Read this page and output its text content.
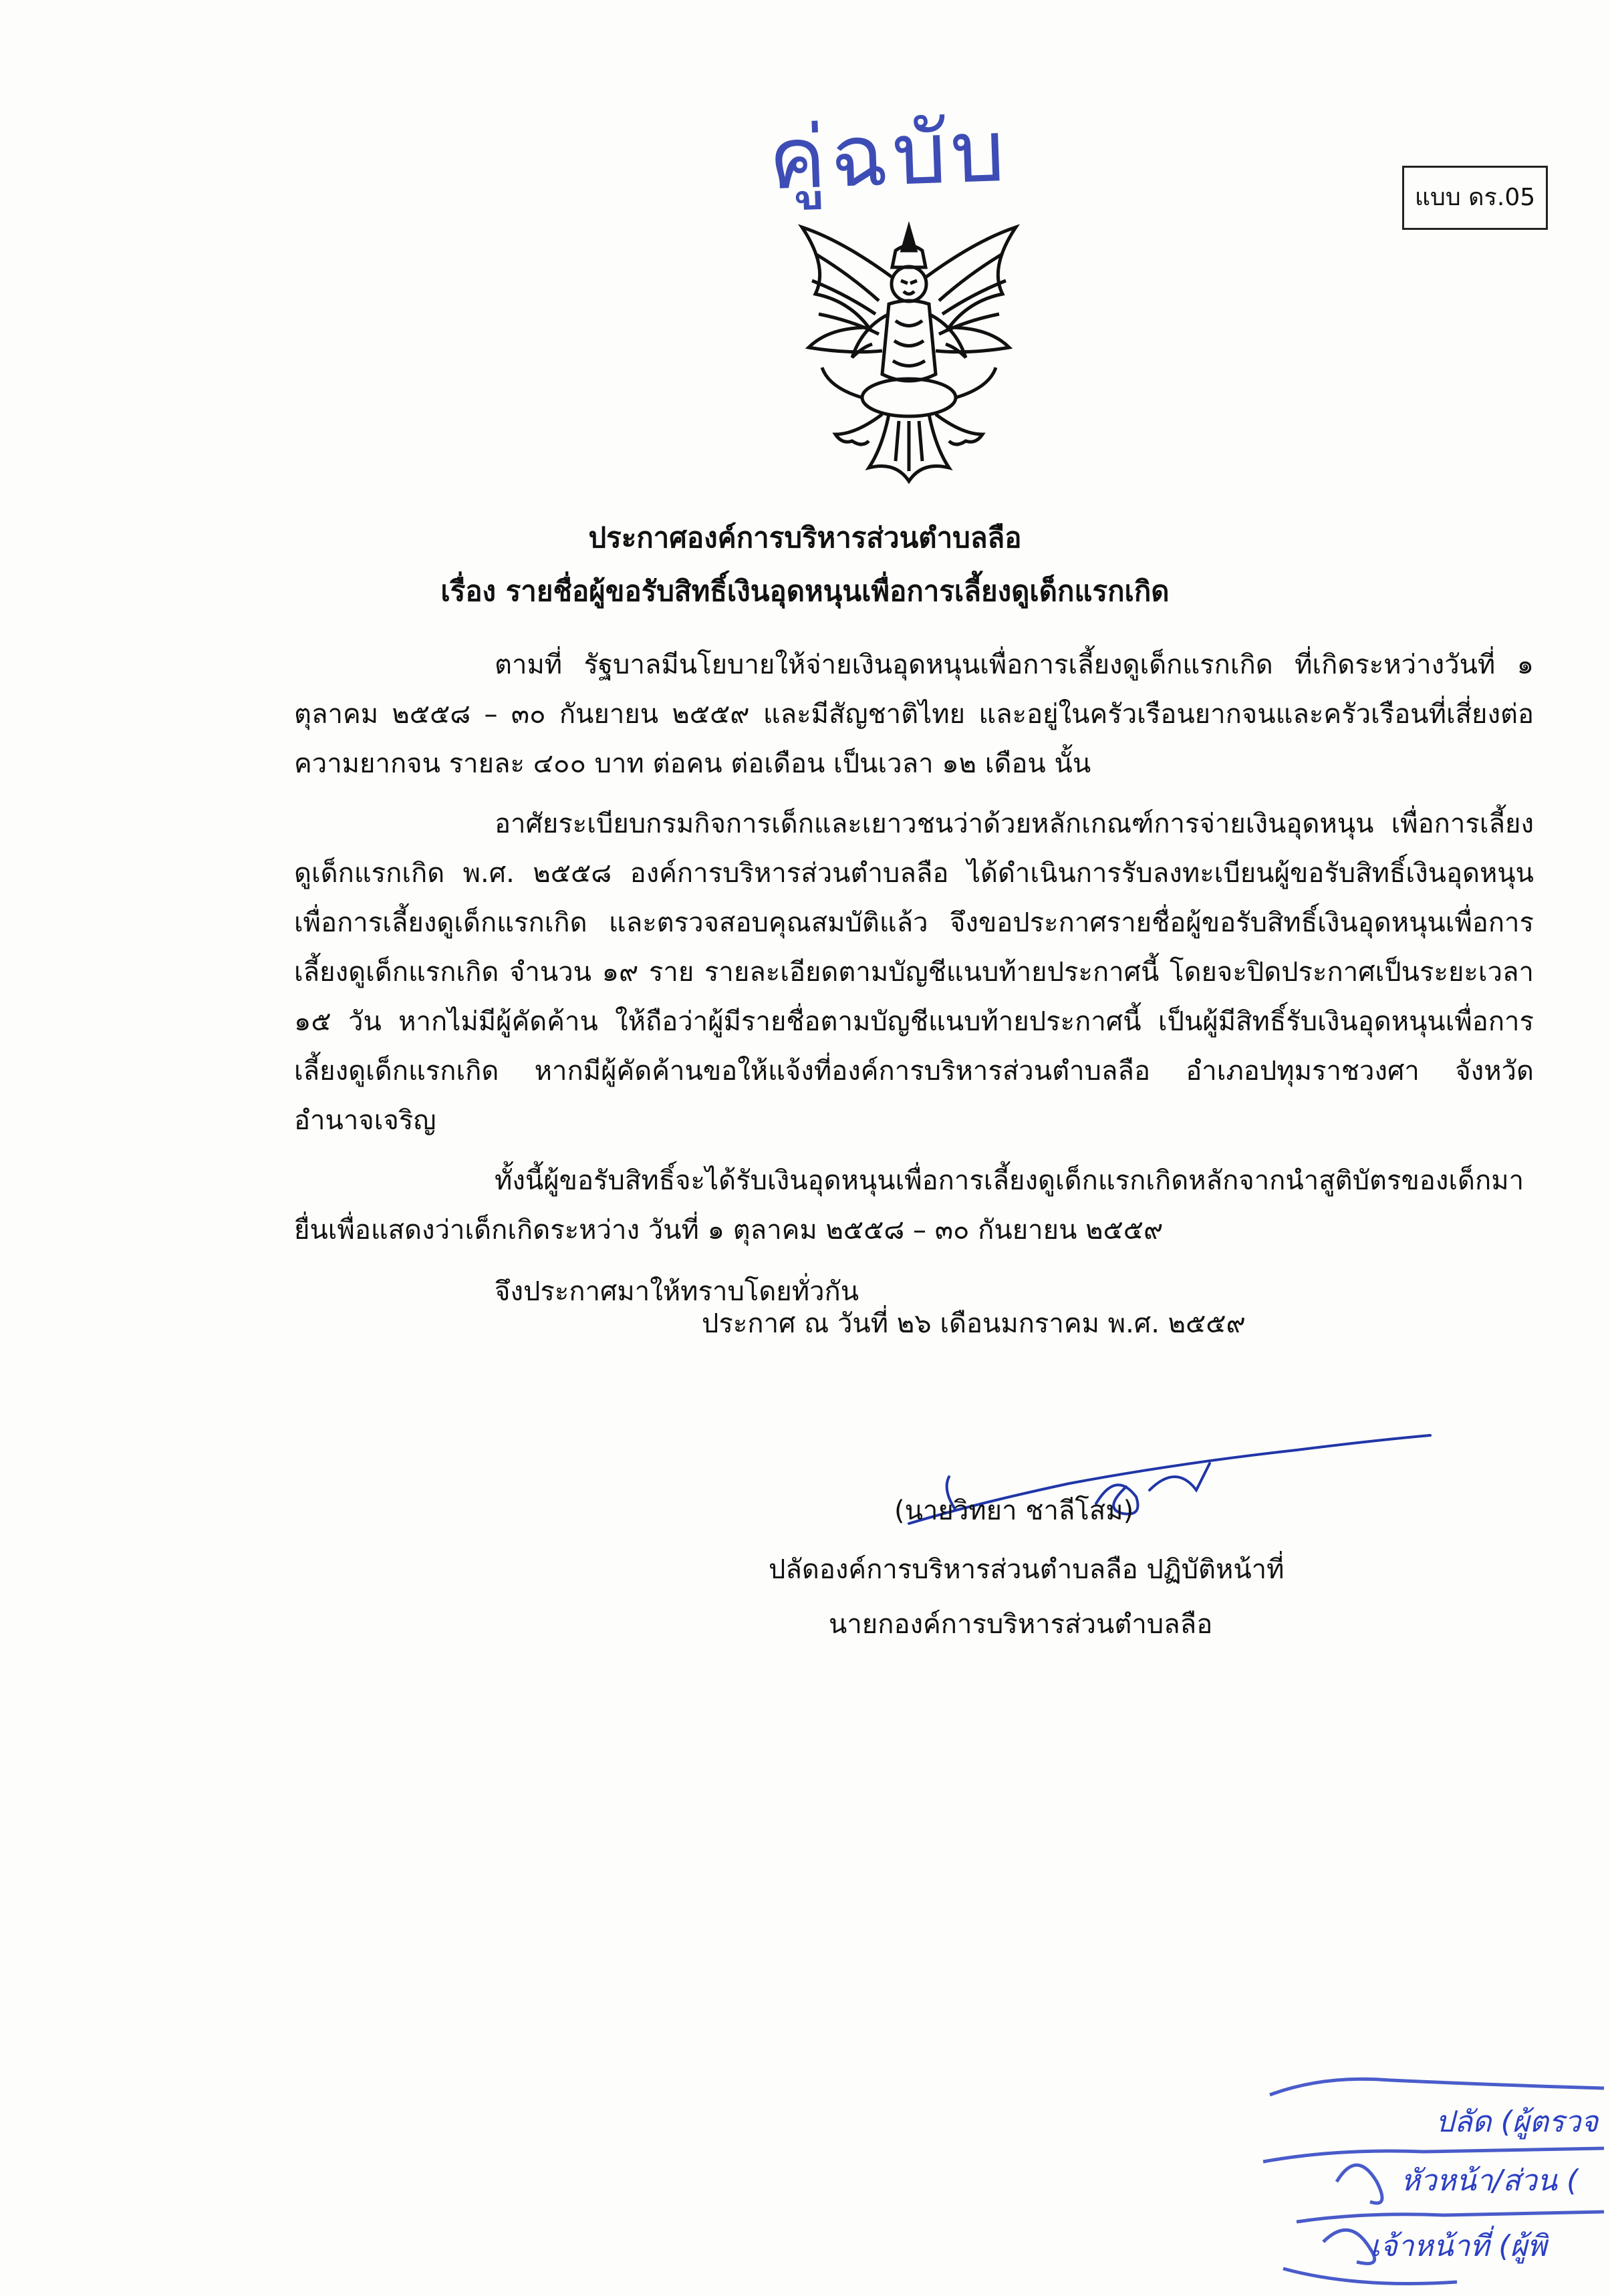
คู่ฉบับ	แบบ ดร.05
ประกาศองค์การบริหารส่วนตำบลลือ
เรื่อง รายชื่อผู้ขอรับสิทธิ์เงินอุดหนุนเพื่อการเลี้ยงดูเด็กแรกเกิด

ตามที่ รัฐบาลมีนโยบายให้จ่ายเงินอุดหนุนเพื่อการเลี้ยงดูเด็กแรกเกิด ที่เกิดระหว่างวันที่ ๑ ตุลาคม ๒๕๕๘ – ๓๐ กันยายน ๒๕๕๙ และมีสัญชาติไทย และอยู่ในครัวเรือนยากจนและครัวเรือนที่เสี่ยงต่อความยากจน รายละ ๔๐๐ บาท ต่อคน ต่อเดือน เป็นเวลา ๑๒ เดือน นั้น

อาศัยระเบียบกรมกิจการเด็กและเยาวชนว่าด้วยหลักเกณฑ์การจ่ายเงินอุดหนุน เพื่อการเลี้ยงดูเด็กแรกเกิด พ.ศ. ๒๕๕๘ องค์การบริหารส่วนตำบลลือ ได้ดำเนินการรับลงทะเบียนผู้ขอรับสิทธิ์เงินอุดหนุนเพื่อการเลี้ยงดูเด็กแรกเกิด และตรวจสอบคุณสมบัติแล้ว จึงขอประกาศรายชื่อผู้ขอรับสิทธิ์เงินอุดหนุนเพื่อการเลี้ยงดูเด็กแรกเกิด จำนวน ๑๙ ราย รายละเอียดตามบัญชีแนบท้ายประกาศนี้ โดยจะปิดประกาศเป็นระยะเวลา ๑๕ วัน หากไม่มีผู้คัดค้าน ให้ถือว่าผู้มีรายชื่อตามบัญชีแนบท้ายประกาศนี้ เป็นผู้มีสิทธิ์รับเงินอุดหนุนเพื่อการเลี้ยงดูเด็กแรกเกิด หากมีผู้คัดค้านขอให้แจ้งที่องค์การบริหารส่วนตำบลลือ อำเภอปทุมราชวงศา จังหวัดอำนาจเจริญ

ทั้งนี้ผู้ขอรับสิทธิ์จะได้รับเงินอุดหนุนเพื่อการเลี้ยงดูเด็กแรกเกิดหลักจากนำสูติบัตรของเด็กมายื่นเพื่อแสดงว่าเด็กเกิดระหว่าง วันที่ ๑ ตุลาคม ๒๕๕๘ – ๓๐ กันยายน ๒๕๕๙

จึงประกาศมาให้ทราบโดยทั่วกัน

ประกาศ ณ วันที่ ๒๖ เดือนมกราคม พ.ศ. ๒๕๕๙
(นายวิทยา ชาลีโสม)
ปลัดองค์การบริหารส่วนตำบลลือ ปฏิบัติหน้าที่
นายกองค์การบริหารส่วนตำบลลือ
ปลัด (ผู้ตรวจ
หัวหน้า/ส่วน (
เจ้าหน้าที่ (ผู้พิ
